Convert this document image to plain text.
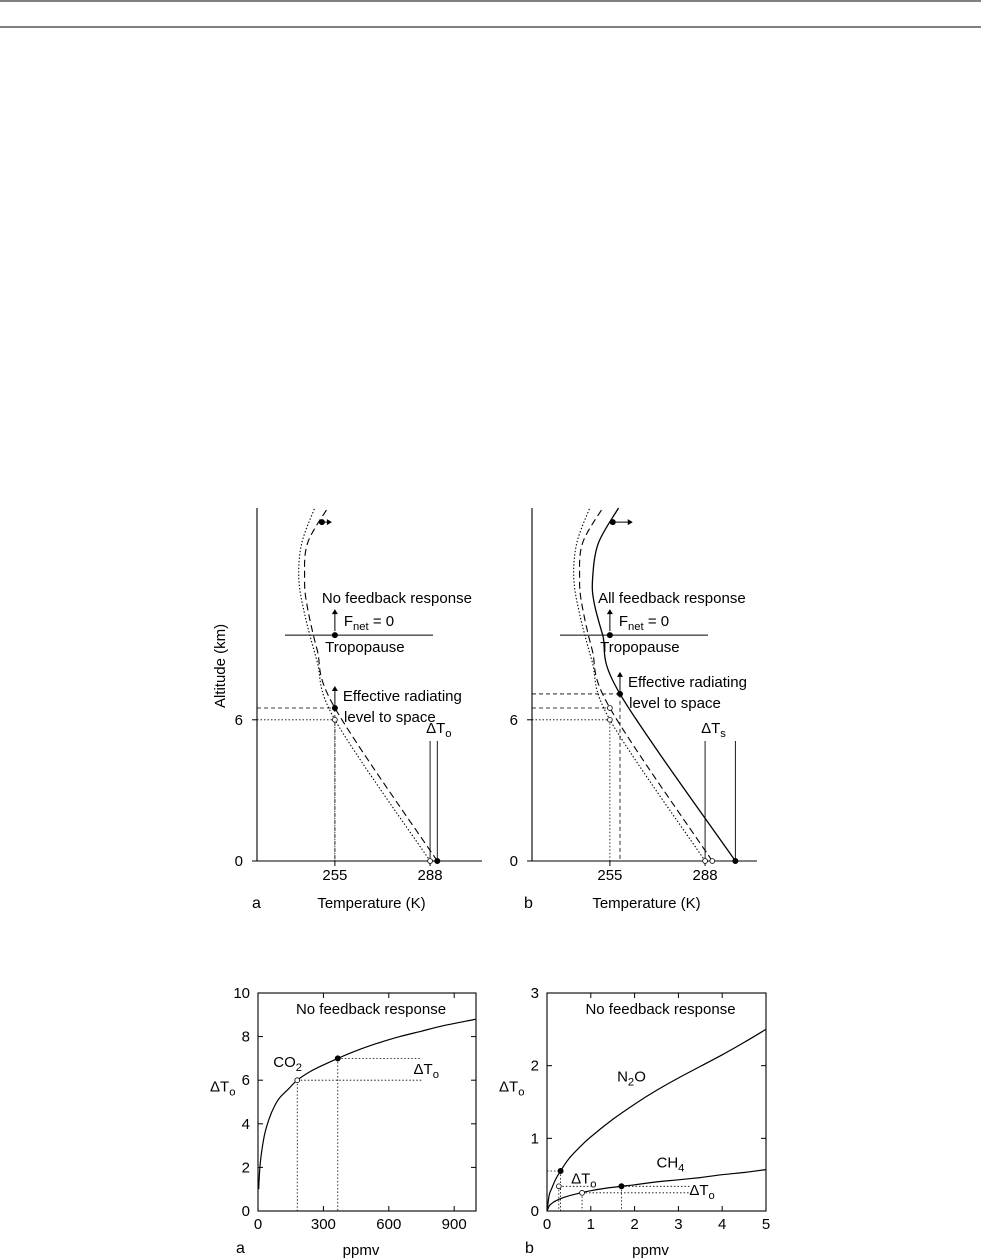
255	288
0
6
a	Temperature (K)
Altitude (km)
No feedback response
$F_{net} = 0$
Tropopause
Effective radiating
level to space
$\Delta T_o$
255	288
0
6
b	Temperature (K)
All feedback response
$F_{net} = 0$
Tropopause
Effective radiating
level to space
$\Delta T_s$
0	300	600	900
0
2
4
6
8
10
a	ppmv
$\Delta T_o$
No feedback response
$CO_2$	$\Delta T_o$
0 1 2 3 4 5
0
1
2
3
b	ppmv
$\Delta T_o$
No feedback response
$N_2O$
$CH_4$
$\Delta T_o$	$\Delta T_o$
